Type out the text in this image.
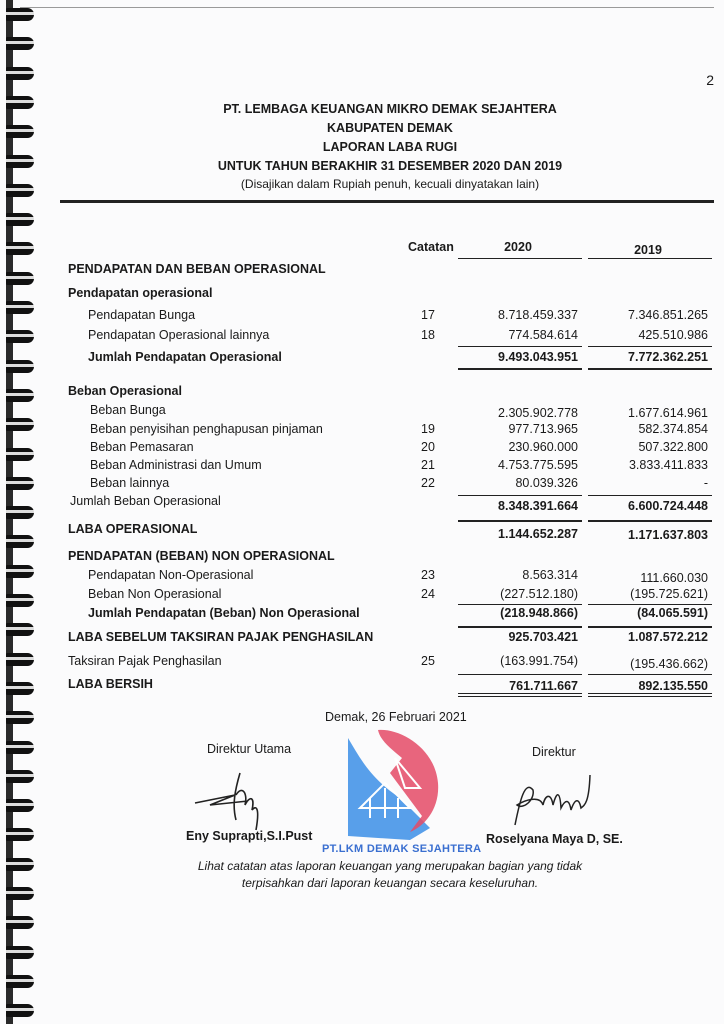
2
PT. LEMBAGA KEUANGAN MIKRO DEMAK SEJAHTERA
KABUPATEN DEMAK
LAPORAN LABA RUGI
UNTUK TAHUN BERAKHIR 31 DESEMBER 2020 DAN 2019
(Disajikan dalam Rupiah penuh, kecuali dinyatakan lain)
Catatan	2020	2019
PENDAPATAN DAN BEBAN OPERASIONAL
Pendapatan operasional
Pendapatan Bunga	17	8.718.459.337	7.346.851.265
Pendapatan Operasional lainnya	18	774.584.614	425.510.986
Jumlah Pendapatan Operasional	9.493.043.951	7.772.362.251
Beban Operasional
Beban Bunga	2.305.902.778	1.677.614.961
Beban penyisihan penghapusan pinjaman	19	977.713.965	582.374.854
Beban Pemasaran	20	230.960.000	507.322.800
Beban Administrasi dan Umum	21	4.753.775.595	3.833.411.833
Beban lainnya	22	80.039.326	-
Jumlah Beban Operasional	8.348.391.664	6.600.724.448
LABA OPERASIONAL	1.144.652.287	1.171.637.803
PENDAPATAN (BEBAN) NON OPERASIONAL
Pendapatan Non-Operasional	23	8.563.314	111.660.030
Beban Non Operasional	24	(227.512.180)	(195.725.621)
Jumlah Pendapatan (Beban) Non Operasional	(218.948.866)	(84.065.591)
LABA SEBELUM TAKSIRAN PAJAK PENGHASILAN	925.703.421	1.087.572.212
Taksiran Pajak Penghasilan	25	(163.991.754)	(195.436.662)
LABA BERSIH	761.711.667	892.135.550
Demak, 26 Februari 2021
Direktur Utama	Direktur
Eny Suprapti,S.I.Pust	Roselyana Maya D, SE.
PT.LKM DEMAK SEJAHTERA
Lihat catatan atas laporan keuangan yang merupakan bagian yang tidak
terpisahkan dari laporan keuangan secara keseluruhan.
